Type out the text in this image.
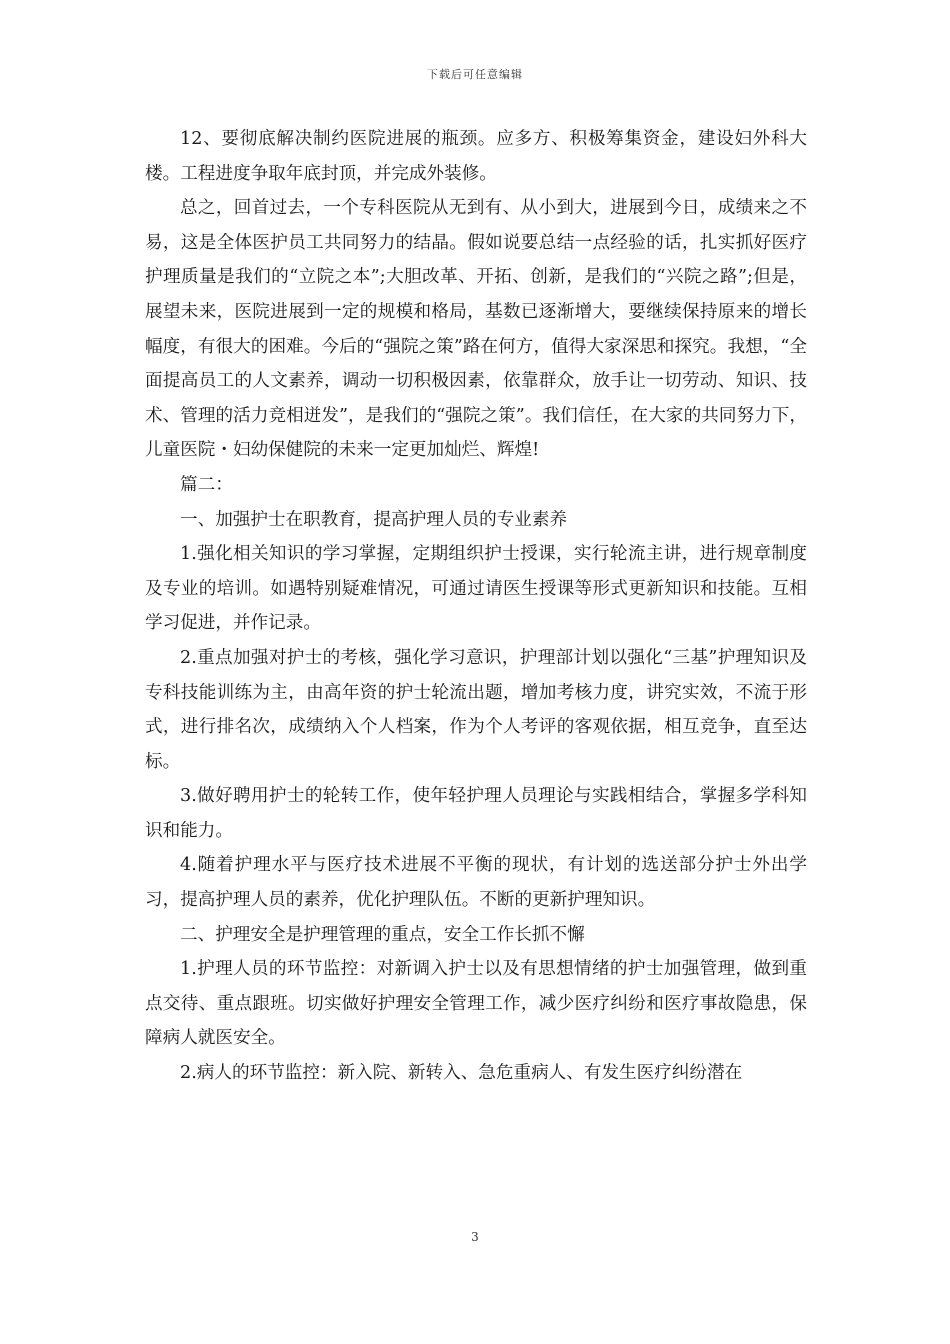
下载后可任意编辑

12、要彻底解决制约医院进展的瓶颈。应多方、积极筹集资金，建设妇外科大楼。工程进度争取年底封顶，并完成外装修。

总之，回首过去，一个专科医院从无到有、从小到大，进展到今日，成绩来之不易，这是全体医护员工共同努力的结晶。假如说要总结一点经验的话，扎实抓好医疗护理质量是我们的“立院之本”;大胆改革、开拓、创新，是我们的“兴院之路”;但是，展望未来，医院进展到一定的规模和格局，基数已逐渐增大，要继续保持原来的增长幅度，有很大的困难。今后的“强院之策”路在何方，值得大家深思和探究。我想，“全面提高员工的人文素养，调动一切积极因素，依靠群众，放手让一切劳动、知识、技术、管理的活力竞相迸发”，是我们的“强院之策”。我们信任，在大家的共同努力下，儿童医院・妇幼保健院的未来一定更加灿烂、辉煌!

篇二：

一、加强护士在职教育，提高护理人员的专业素养

1.强化相关知识的学习掌握，定期组织护士授课，实行轮流主讲，进行规章制度及专业的培训。如遇特别疑难情况，可通过请医生授课等形式更新知识和技能。互相学习促进，并作记录。

2.重点加强对护士的考核，强化学习意识，护理部计划以强化“三基”护理知识及专科技能训练为主，由高年资的护士轮流出题，增加考核力度，讲究实效，不流于形式，进行排名次，成绩纳入个人档案，作为个人考评的客观依据，相互竞争，直至达标。

3.做好聘用护士的轮转工作，使年轻护理人员理论与实践相结合，掌握多学科知识和能力。

4.随着护理水平与医疗技术进展不平衡的现状，有计划的选送部分护士外出学习，提高护理人员的素养，优化护理队伍。不断的更新护理知识。

二、护理安全是护理管理的重点，安全工作长抓不懈

1.护理人员的环节监控：对新调入护士以及有思想情绪的护士加强管理，做到重点交待、重点跟班。切实做好护理安全管理工作，减少医疗纠纷和医疗事故隐患，保障病人就医安全。

2.病人的环节监控：新入院、新转入、急危重病人、有发生医疗纠纷潜在

3
